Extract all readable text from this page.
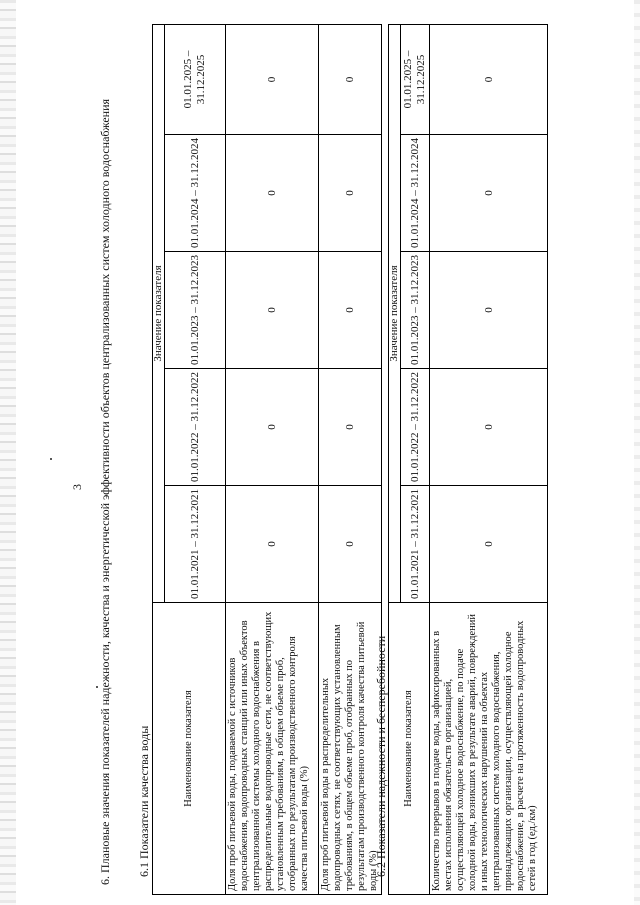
3 6. Плановые значения показателей надежности, качества и энергетической эффективности объектов централизованных систем холодного водоснабжения 6.1 Показатели качества воды	Наименование показателя	Значение показателя				
	01.01.2021 – 31.12.2021	01.01.2022 – 31.12.2022	01.01.2023 – 31.12.2023	01.01.2024 – 31.12.2024	01.01.2025 – 31.12.2025
Доля проб питьевой воды, подаваемой с источников водоснабжения, водопроводных станций или иных объектов централизованной системы холодного водоснабжения в распределительные водопроводные сети, не соответствующих установленным требованиям, в общем объеме проб, отобранных по результатам производственного контроля качества питьевой воды (%)	0	0	0	0	0
Доля проб питьевой воды в распределительных водопроводных сетях, не соответствующих установленным требованиям, в общем объеме проб, отобранных по результатам производственного контроля качества питьевой воды (%)	0	0	0	0	0
6.2 Показатели надежности и бесперебойности Наименование показателя	Значение показателя				
	01.01.2021 – 31.12.2021	01.01.2022 – 31.12.2022	01.01.2023 – 31.12.2023	01.01.2024 – 31.12.2024	01.01.2025 – 31.12.2025
Количество перерывов в подаче воды, зафиксированных в местах исполнения обязательств организацией, осуществляющей холодное водоснабжение, по подаче холодной воды, возникших в результате аварий, повреждений и иных технологических нарушений на объектах централизованных систем холодного водоснабжения, принадлежащих организации, осуществляющей холодное водоснабжение, в расчете на протяженность водопроводных сетей в год (ед./км)	0	0	0	0	0
